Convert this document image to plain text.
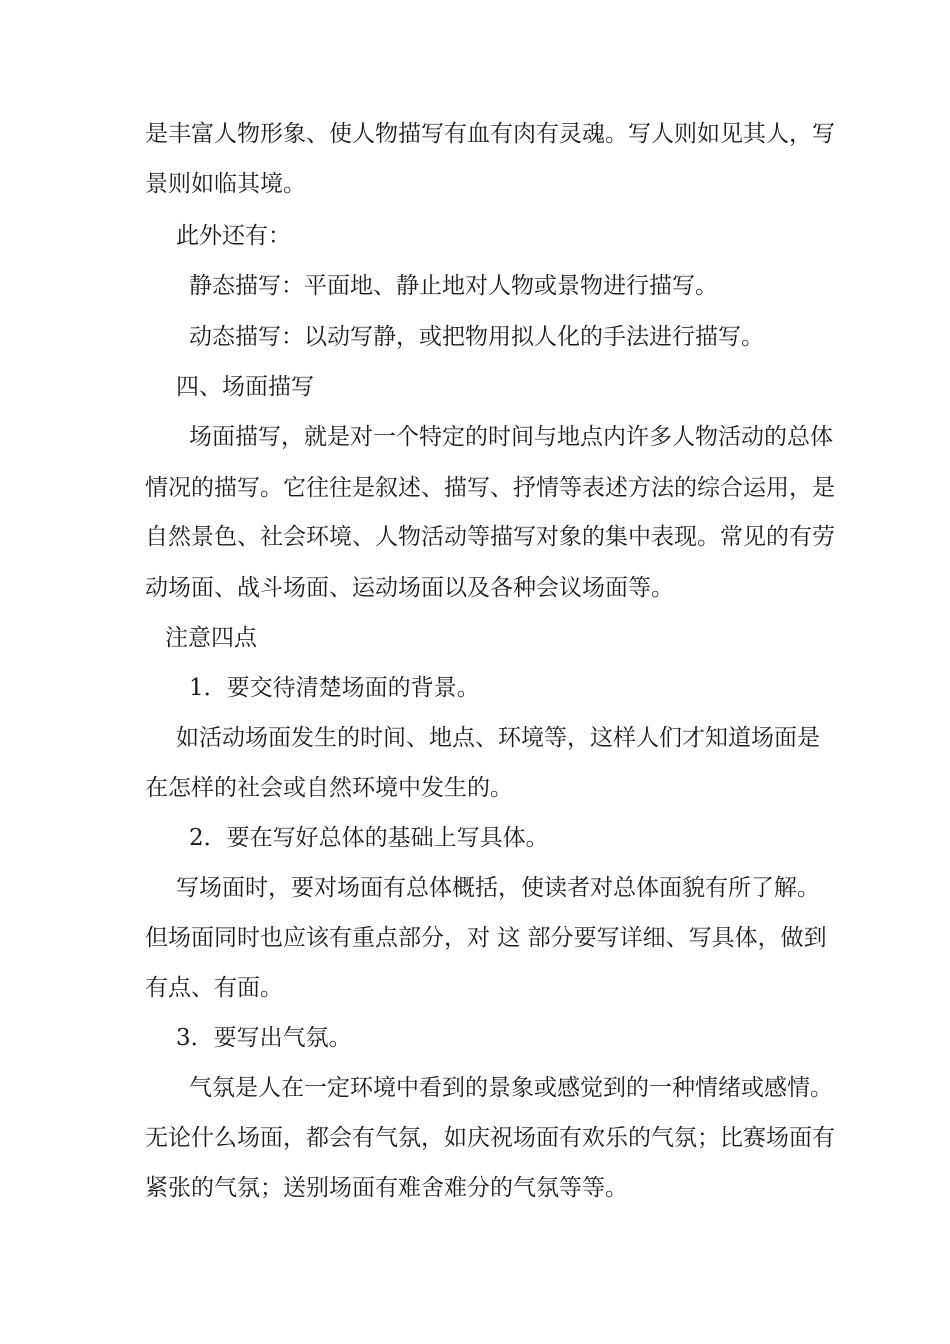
是丰富人物形象、使人物描写有血有肉有灵魂。写人则如见其人，写
景则如临其境。
此外还有：
静态描写：平面地、静止地对人物或景物进行描写。
动态描写：以动写静，或把物用拟人化的手法进行描写。
四、场面描写
场面描写，就是对一个特定的时间与地点内许多人物活动的总体
情况的描写。它往往是叙述、描写、抒情等表述方法的综合运用，是
自然景色、社会环境、人物活动等描写对象的集中表现。常见的有劳
动场面、战斗场面、运动场面以及各种会议场面等。
注意四点
1．要交待清楚场面的背景。
如活动场面发生的时间、地点、环境等，这样人们才知道场面是
在怎样的社会或自然环境中发生的。
2．要在写好总体的基础上写具体。
写场面时，要对场面有总体概括，使读者对总体面貌有所了解。
但场面同时也应该有重点部分，对 这 部分要写详细、写具体，做到
有点、有面。
3．要写出气氛。
气氛是人在一定环境中看到的景象或感觉到的一种情绪或感情。
无论什么场面，都会有气氛，如庆祝场面有欢乐的气氛；比赛场面有
紧张的气氛；送别场面有难舍难分的气氛等等。
